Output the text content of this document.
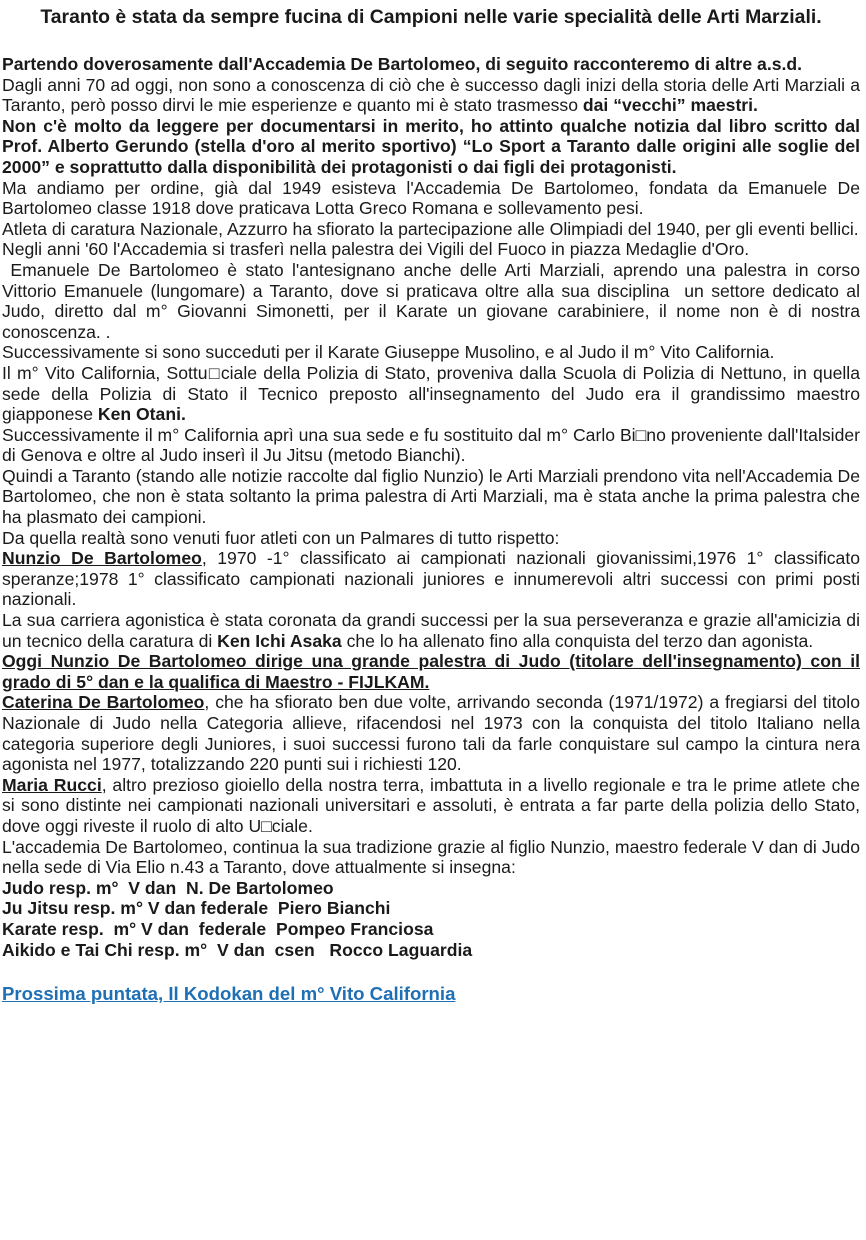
Taranto è stata da sempre fucina di Campioni nelle varie specialità delle Arti Marziali.

Partendo doverosamente dall'Accademia De Bartolomeo, di seguito racconteremo di altre a.s.d.

Dagli anni 70 ad oggi, non sono a conoscenza di ciò che è successo dagli inizi della storia delle Arti Marziali a Taranto, però posso dirvi le mie esperienze e quanto mi è stato trasmesso dai “vecchi” maestri.

Non c'è molto da leggere per documentarsi in merito, ho attinto qualche notizia dal libro scritto dal Prof. Alberto Gerundo (stella d'oro al merito sportivo) “Lo Sport a Taranto dalle origini alle soglie del 2000” e soprattutto dalla disponibilità dei protagonisti o dai figli dei protagonisti.

Ma andiamo per ordine, già dal 1949 esisteva l'Accademia De Bartolomeo, fondata da Emanuele De Bartolomeo classe 1918 dove praticava Lotta Greco Romana e sollevamento pesi.

Atleta di caratura Nazionale, Azzurro ha sfiorato la partecipazione alle Olimpiadi del 1940, per gli eventi bellici.

Negli anni '60 l'Accademia si trasferì nella palestra dei Vigili del Fuoco in piazza Medaglie d'Oro.

Emanuele De Bartolomeo è stato l'antesignano anche delle Arti Marziali, aprendo una palestra in corso Vittorio Emanuele (lungomare) a Taranto, dove si praticava oltre alla sua disciplina  un settore dedicato al Judo, diretto dal m° Giovanni Simonetti, per il Karate un giovane carabiniere, il nome non è di nostra conoscenza. .

Successivamente si sono succeduti per il Karate Giuseppe Musolino, e al Judo il m° Vito California.

Il m° Vito California, Sottu□ciale della Polizia di Stato, proveniva dalla Scuola di Polizia di Nettuno, in quella sede della Polizia di Stato il Tecnico preposto all'insegnamento del Judo era il grandissimo maestro giapponese Ken Otani.

Successivamente il m° California aprì una sua sede e fu sostituito dal m° Carlo Bi□no proveniente dall'Italsider di Genova e oltre al Judo inserì il Ju Jitsu (metodo Bianchi).

Quindi a Taranto (stando alle notizie raccolte dal figlio Nunzio) le Arti Marziali prendono vita nell'Accademia De Bartolomeo, che non è stata soltanto la prima palestra di Arti Marziali, ma è stata anche la prima palestra che ha plasmato dei campioni.

Da quella realtà sono venuti fuor atleti con un Palmares di tutto rispetto:

Nunzio De Bartolomeo, 1970 -1° classificato ai campionati nazionali giovanissimi,1976 1° classificato speranze;1978 1° classificato campionati nazionali juniores e innumerevoli altri successi con primi posti nazionali.

La sua carriera agonistica è stata coronata da grandi successi per la sua perseveranza e grazie all'amicizia di un tecnico della caratura di Ken Ichi Asaka che lo ha allenato fino alla conquista del terzo dan agonista.

Oggi Nunzio De Bartolomeo dirige una grande palestra di Judo (titolare dell'insegnamento) con il grado di 5° dan e la qualifica di Maestro - FIJLKAM.

Caterina De Bartolomeo, che ha sfiorato ben due volte, arrivando seconda (1971/1972) a fregiarsi del titolo Nazionale di Judo nella Categoria allieve, rifacendosi nel 1973 con la conquista del titolo Italiano nella categoria superiore degli Juniores, i suoi successi furono tali da farle conquistare sul campo la cintura nera agonista nel 1977, totalizzando 220 punti sui i richiesti 120.

Maria Rucci, altro prezioso gioiello della nostra terra, imbattuta in a livello regionale e tra le prime atlete che si sono distinte nei campionati nazionali universitari e assoluti, è entrata a far parte della polizia dello Stato, dove oggi riveste il ruolo di alto U□ciale.

L'accademia De Bartolomeo, continua la sua tradizione grazie al figlio Nunzio, maestro federale V dan di Judo nella sede di Via Elio n.43 a Taranto, dove attualmente si insegna:

Judo resp. m°  V dan  N. De Bartolomeo

Ju Jitsu resp. m° V dan federale  Piero Bianchi

Karate resp.  m° V dan  federale  Pompeo Franciosa

Aikido e Tai Chi resp. m°  V dan  csen   Rocco Laguardia

Prossima puntata, Il Kodokan del m° Vito California
